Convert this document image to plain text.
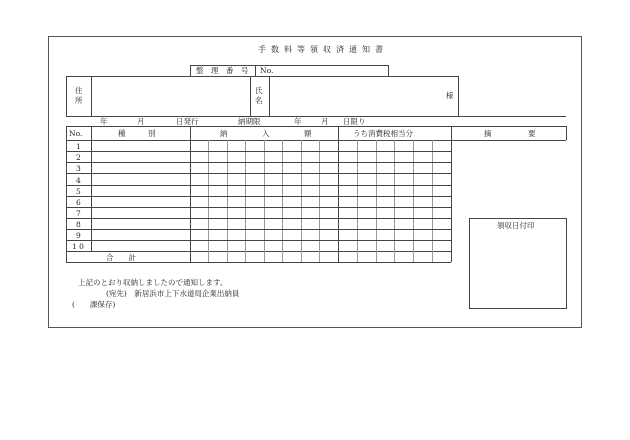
手数料等領収済通知書
整　理　番　号 No.
住
所
氏
名
様
年	月	日発行	納期限	年	月 日限り
No.	種　　　別	納	入	額	うち消費税相当分	摘	要
1
2
3
4
5
6
7
8
9
1 0
合　　計
領収日付印
上記のとおり収納しましたので通知します。
(宛先)　新居浜市上下水道局企業出納員
(　　課保存)
